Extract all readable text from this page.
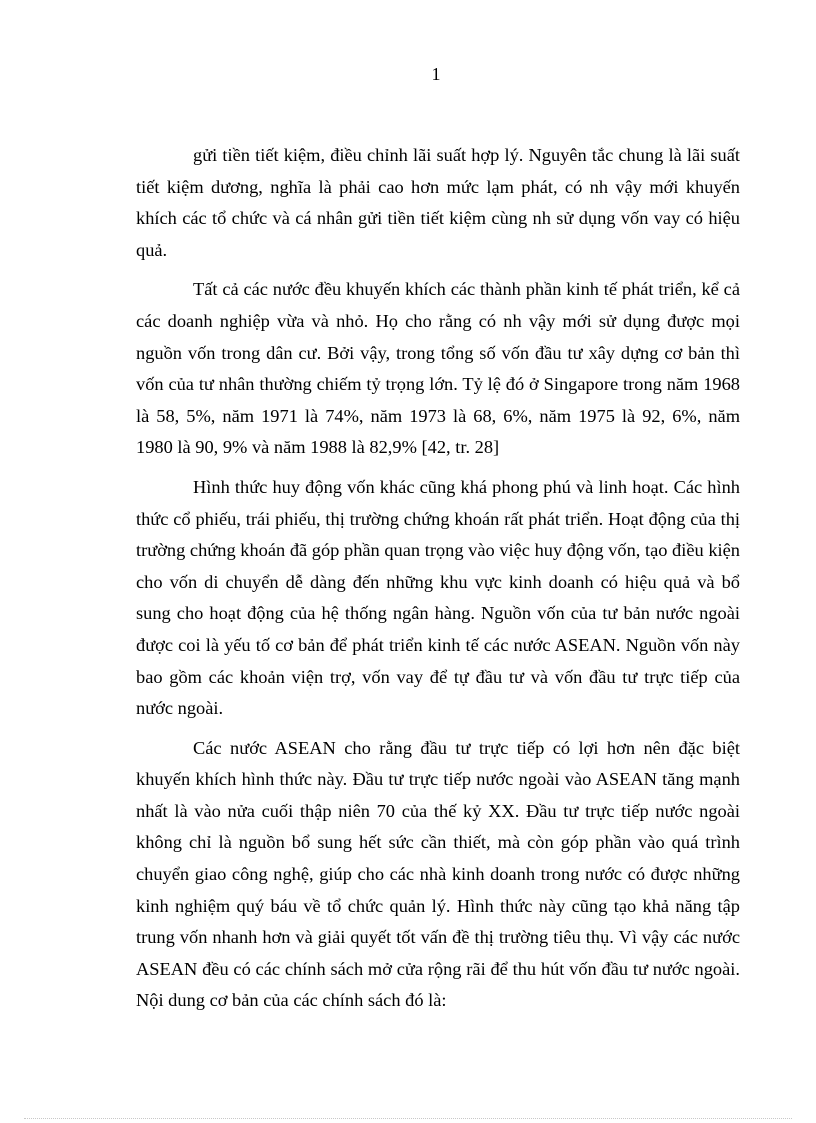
1

gửi tiền tiết kiệm, điều chỉnh lãi suất hợp lý. Nguyên tắc chung là lãi suất tiết kiệm dương, nghĩa là phải cao hơn mức lạm phát, có nh vậy mới khuyến khích các tổ chức và cá nhân gửi tiền tiết kiệm cùng nh sử dụng vốn vay có hiệu quả.

Tất cả các nước đều khuyến khích các thành phần kinh tế phát triển, kể cả các doanh nghiệp vừa và nhỏ. Họ cho rằng có nh vậy mới sử dụng được mọi nguồn vốn trong dân cư. Bởi vậy, trong tổng số vốn đầu tư xây dựng cơ bản thì vốn của tư nhân thường chiếm tỷ trọng lớn. Tỷ lệ đó ở Singapore trong năm 1968 là 58, 5%, năm 1971 là 74%, năm 1973 là 68, 6%, năm 1975 là 92, 6%, năm 1980 là 90, 9% và năm 1988 là 82,9% [42, tr. 28]

Hình thức huy động vốn khác cũng khá phong phú và linh hoạt. Các hình thức cổ phiếu, trái phiếu, thị trường chứng khoán rất phát triển. Hoạt động của thị trường chứng khoán đã góp phần quan trọng vào việc huy động vốn, tạo điều kiện cho vốn di chuyển dễ dàng đến những khu vực kinh doanh có hiệu quả và bổ sung cho hoạt động của hệ thống ngân hàng. Nguồn vốn của tư bản nước ngoài được coi là yếu tố cơ bản để phát triển kinh tế các nước ASEAN. Nguồn vốn này bao gồm các khoản viện trợ, vốn vay để tự đầu tư và vốn đầu tư trực tiếp của nước ngoài.

Các nước ASEAN cho rằng đầu tư trực tiếp có lợi hơn nên đặc biệt khuyến khích hình thức này. Đầu tư trực tiếp nước ngoài vào ASEAN tăng mạnh nhất là vào nửa cuối thập niên 70 của thế kỷ XX. Đầu tư trực tiếp nước ngoài không chỉ là nguồn bổ sung hết sức cần thiết, mà còn góp phần vào quá trình chuyển giao công nghệ, giúp cho các nhà kinh doanh trong nước có được những kinh nghiệm quý báu về tổ chức quản lý. Hình thức này cũng tạo khả năng tập trung vốn nhanh hơn và giải quyết tốt vấn đề thị trường tiêu thụ. Vì vậy các nước ASEAN đều có các chính sách mở cửa rộng rãi để thu hút vốn đầu tư nước ngoài. Nội dung cơ bản của các chính sách đó là:
